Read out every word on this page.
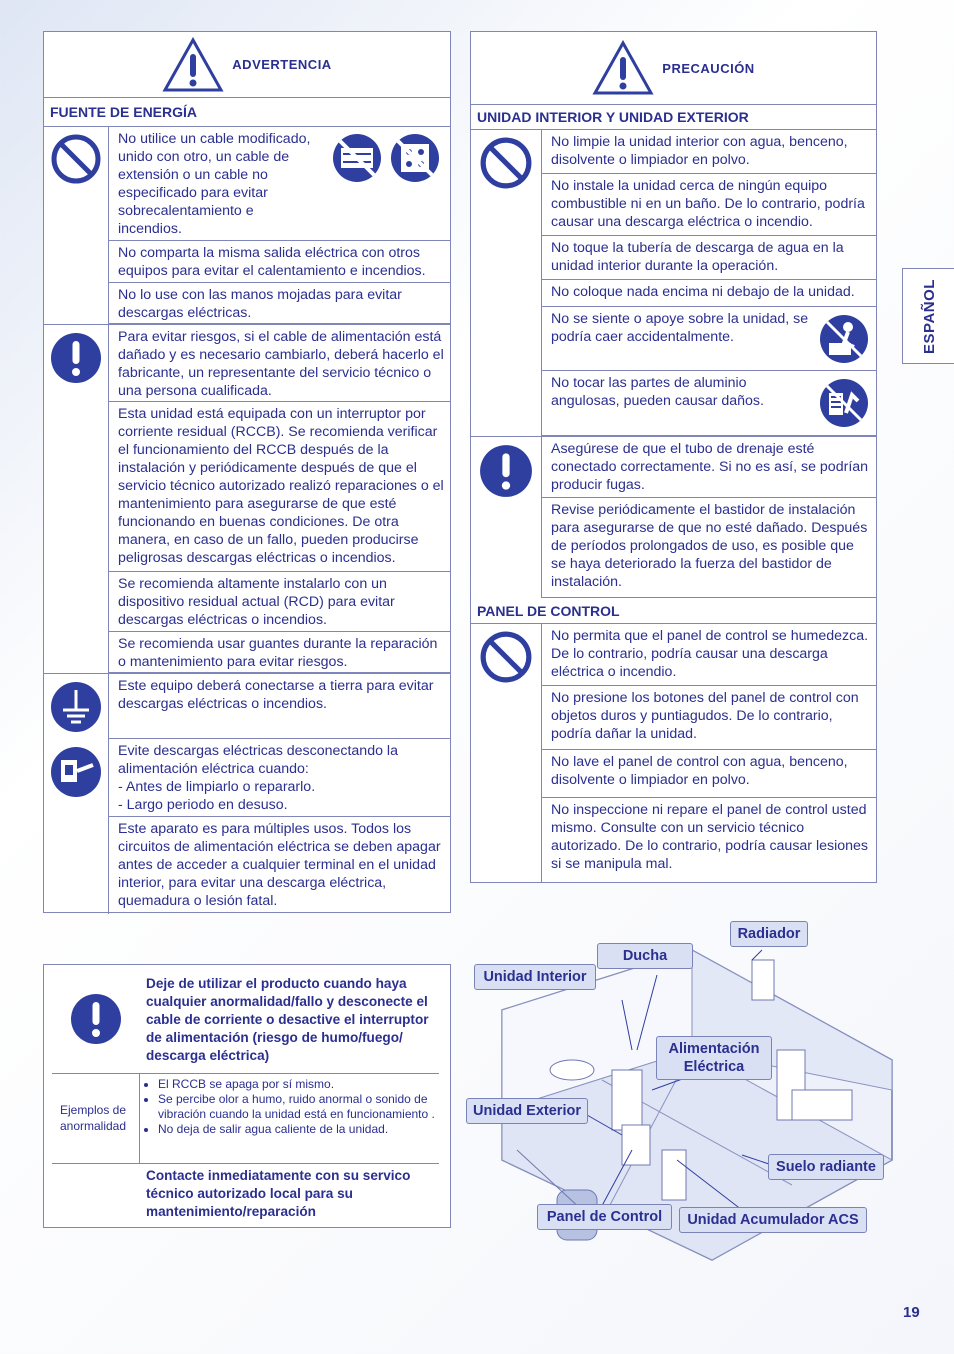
ESPAÑOL
ADVERTENCIA
FUENTE DE ENERGÍA
No utilice un cable modificado, unido con otro, un cable de extensión o un cable no especificado para evitar sobrecalentamiento e incendios.
No comparta la misma salida eléctrica con otros equipos para evitar el calentamiento e incendios.
No lo use con las manos mojadas para evitar descargas eléctricas.
Para evitar riesgos, si el cable de alimentación está dañado y es necesario cambiarlo, deberá hacerlo el fabricante, un representante del servicio técnico o una persona cualificada.
Esta unidad está equipada con un interruptor por corriente residual (RCCB). Se recomienda verificar el funcionamiento del RCCB después de la instalación y periódicamente después de que el servicio técnico autorizado realizó reparaciones o el mantenimiento para asegurarse de que esté funcionando en buenas condiciones. De otra manera, en caso de un fallo, pueden producirse peligrosas descargas eléctricas o incendios.
Se recomienda altamente instalarlo con un dispositivo residual actual (RCD) para evitar descargas eléctricas o incendios.
Se recomienda usar guantes durante la reparación o mantenimiento para evitar riesgos.
Este equipo deberá conectarse a tierra para evitar descargas eléctricas o incendios.
Evite descargas eléctricas desconectando la alimentación eléctrica cuando:
- Antes de limpiarlo o repararlo.
- Largo periodo en desuso.
Este aparato es para múltiples usos. Todos los circuitos de alimentación eléctrica se deben apagar antes de acceder a cualquier terminal en el unidad interior, para evitar una descarga eléctrica, quemadura o lesión fatal.
PRECAUCIÓN
UNIDAD INTERIOR Y UNIDAD EXTERIOR
No limpie la unidad interior con agua, benceno, disolvente o limpiador en polvo.
No instale la unidad cerca de ningún equipo combustible ni en un baño. De lo contrario, podría causar una descarga eléctrica o incendio.
No toque la tubería de descarga de agua en la unidad interior durante la operación.
No coloque nada encima ni debajo de la unidad.
No se siente o apoye sobre la unidad, se podría caer accidentalmente.
No tocar las partes de aluminio angulosas, pueden causar daños.
Asegúrese de que el tubo de drenaje esté conectado correctamente. Si no es así, se podrían producir fugas.
Revise periódicamente el bastidor de instalación para asegurarse de que no esté dañado. Después de períodos prolongados de uso, es posible que se haya deteriorado la fuerza del bastidor de instalación.
PANEL DE CONTROL
No permita que el panel de control se humedezca. De lo contrario, podría causar una descarga eléctrica o incendio.
No presione los botones del panel de control con objetos duros y puntiagudos. De lo contrario, podría dañar la unidad.
No lave el panel de control con agua, benceno, disolvente o limpiador en polvo.
No inspeccione ni repare el panel de control usted mismo. Consulte con un servicio técnico autorizado. De lo contrario, podría causar lesiones si se manipula mal.
Deje de utilizar el producto cuando haya cualquier anormalidad/fallo y desconecte el cable de corriente o desactive el interruptor de alimentación (riesgo de humo/fuego/ descarga eléctrica)
Ejemplos de anormalidad
• El RCCB se apaga por sí mismo.
• Se percibe olor a humo, ruido anormal o sonido de vibración cuando la unidad está en funcionamiento .
• No deja de salir agua caliente de la unidad.
Contacte inmediatamente con su servico técnico autorizado local para su mantenimiento/reparación
Radiador
Ducha
Unidad Interior
Alimentación Eléctrica
Unidad Exterior
Suelo radiante
Panel de Control	Unidad Acumulador ACS
19
